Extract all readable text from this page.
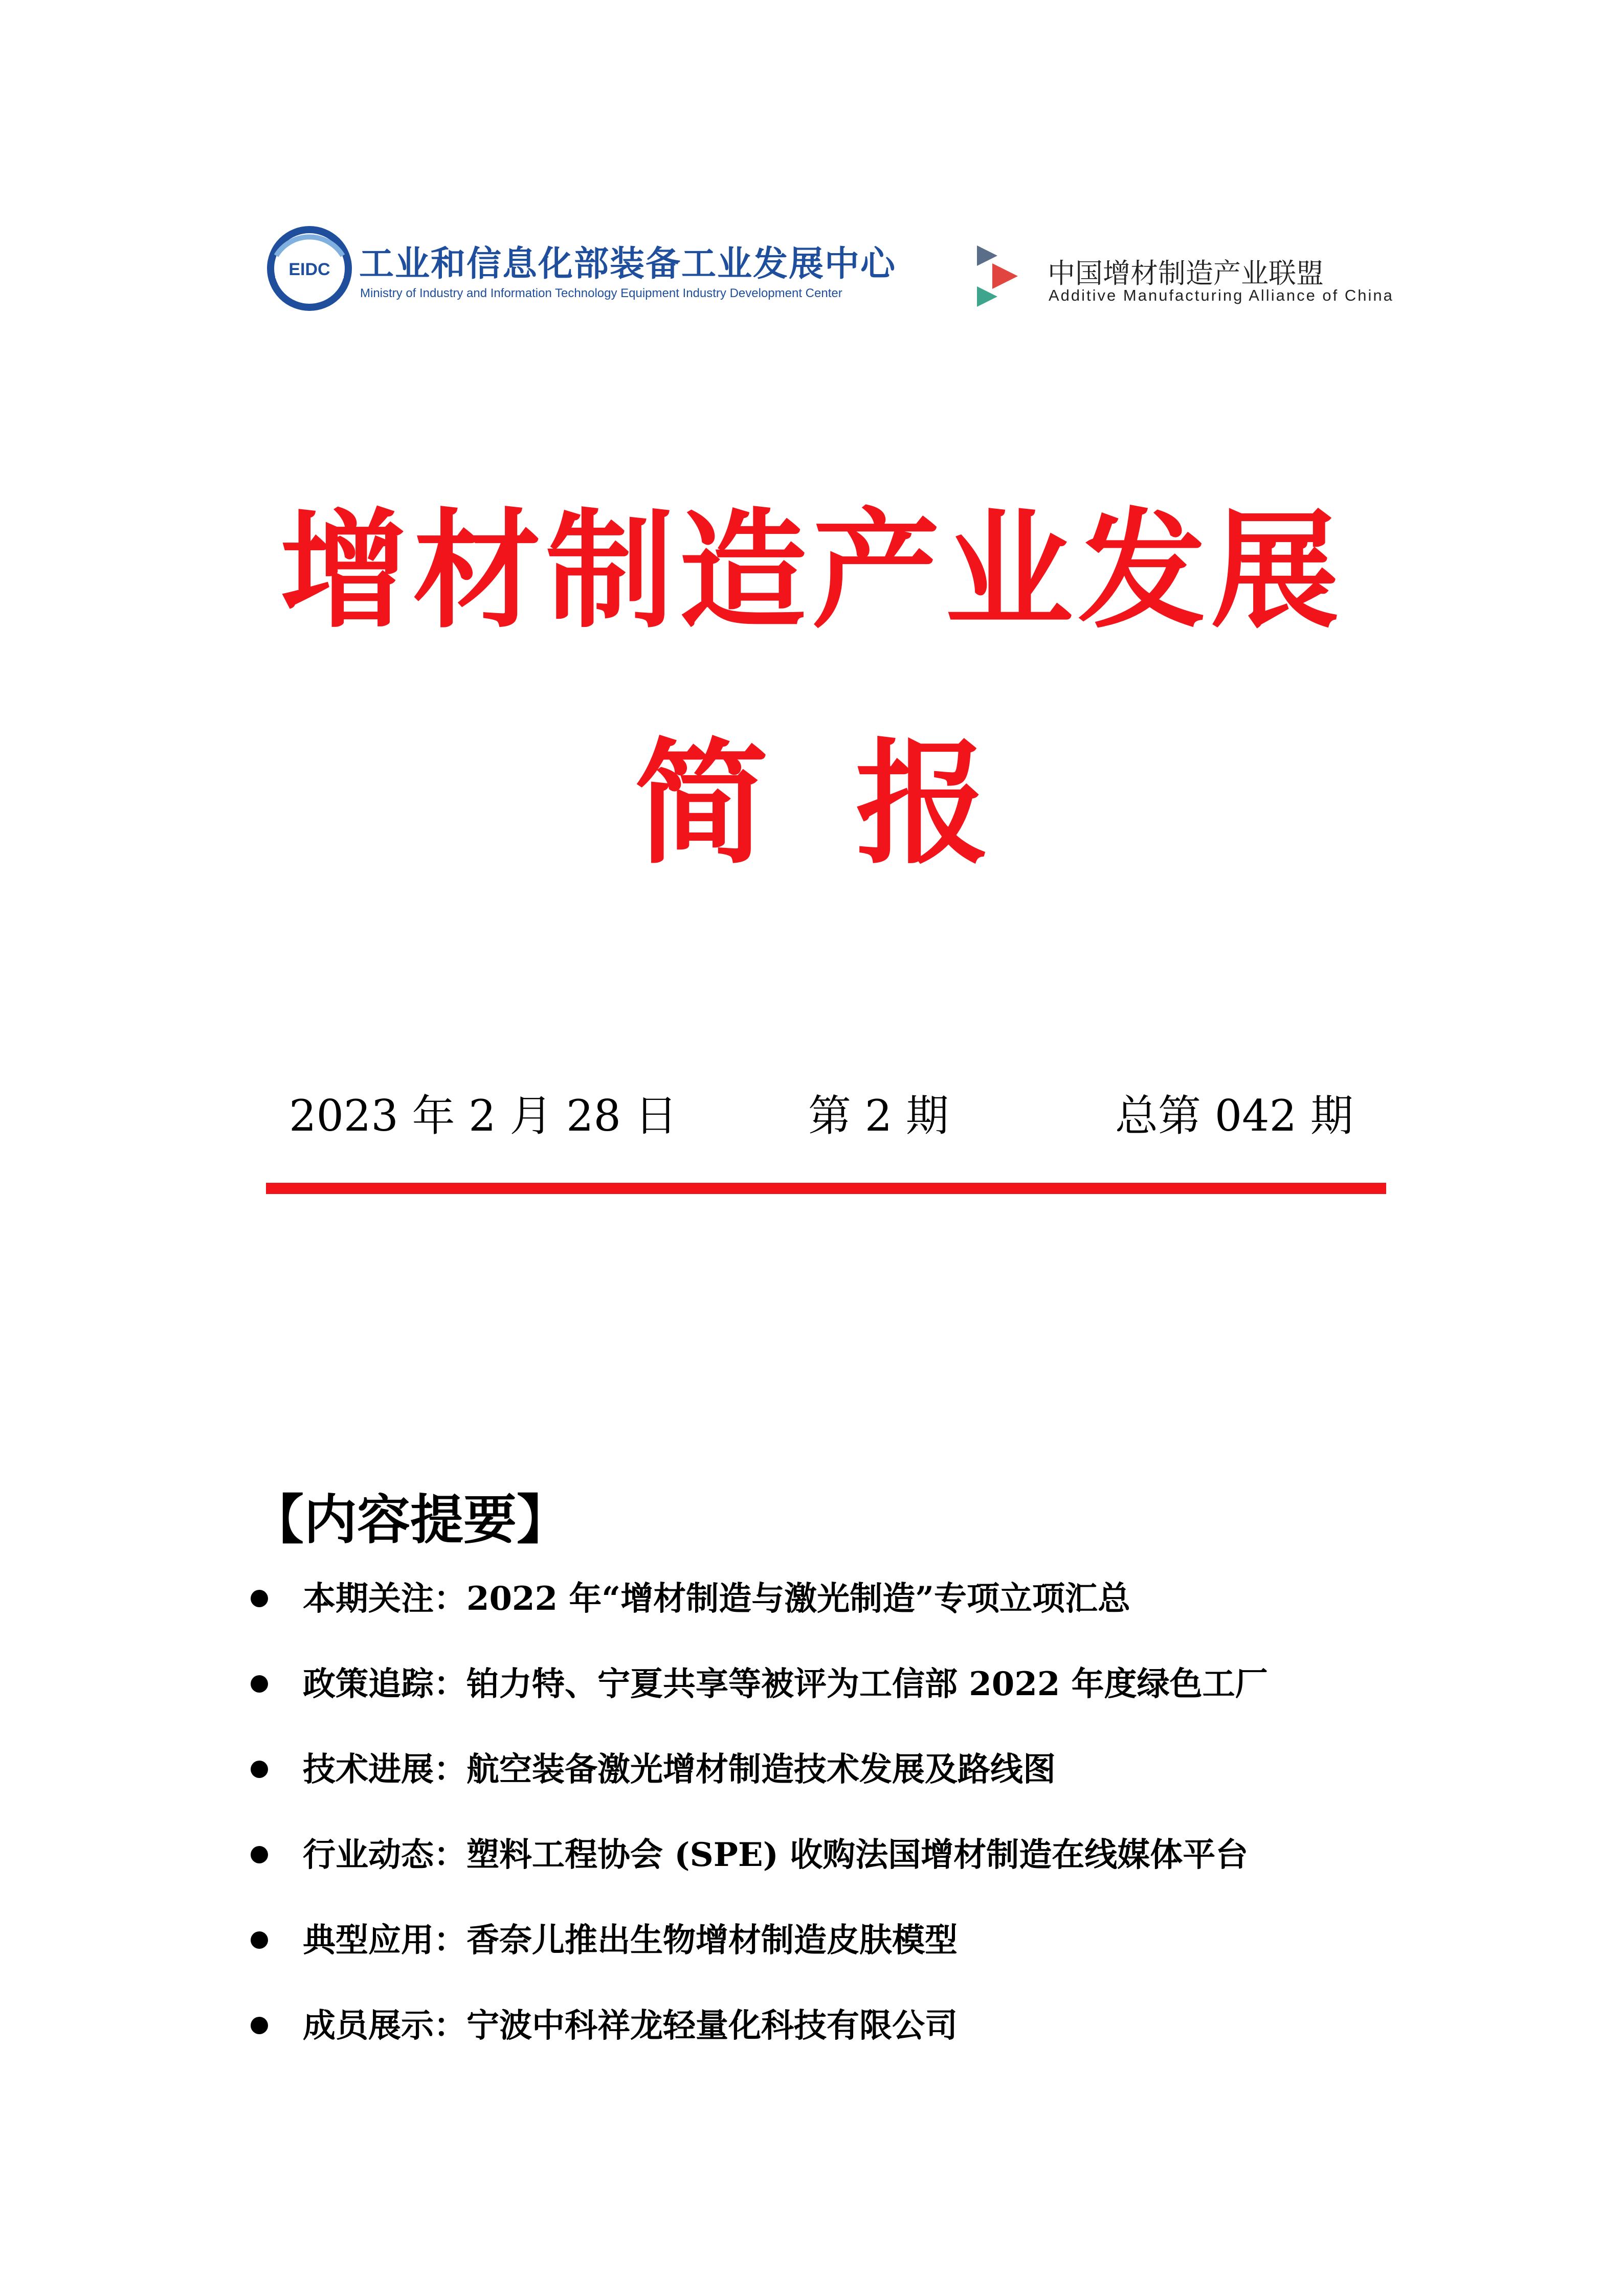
EIDC 工业和信息化部装备工业发展中心
Ministry of Industry and Information Technology Equipment Industry Development Center
中国增材制造产业联盟
Additive Manufacturing Alliance of China
增材制造产业发展
简 报
2023 年 2 月 28 日	第 2 期	总第 042 期
【内容提要】
本期关注：2022 年“增材制造与激光制造”专项立项汇总
政策追踪：铂力特、宁夏共享等被评为工信部 2022 年度绿色工厂
技术进展：航空装备激光增材制造技术发展及路线图
行业动态：塑料工程协会 (SPE) 收购法国增材制造在线媒体平台
典型应用：香奈儿推出生物增材制造皮肤模型
成员展示：宁波中科祥龙轻量化科技有限公司
